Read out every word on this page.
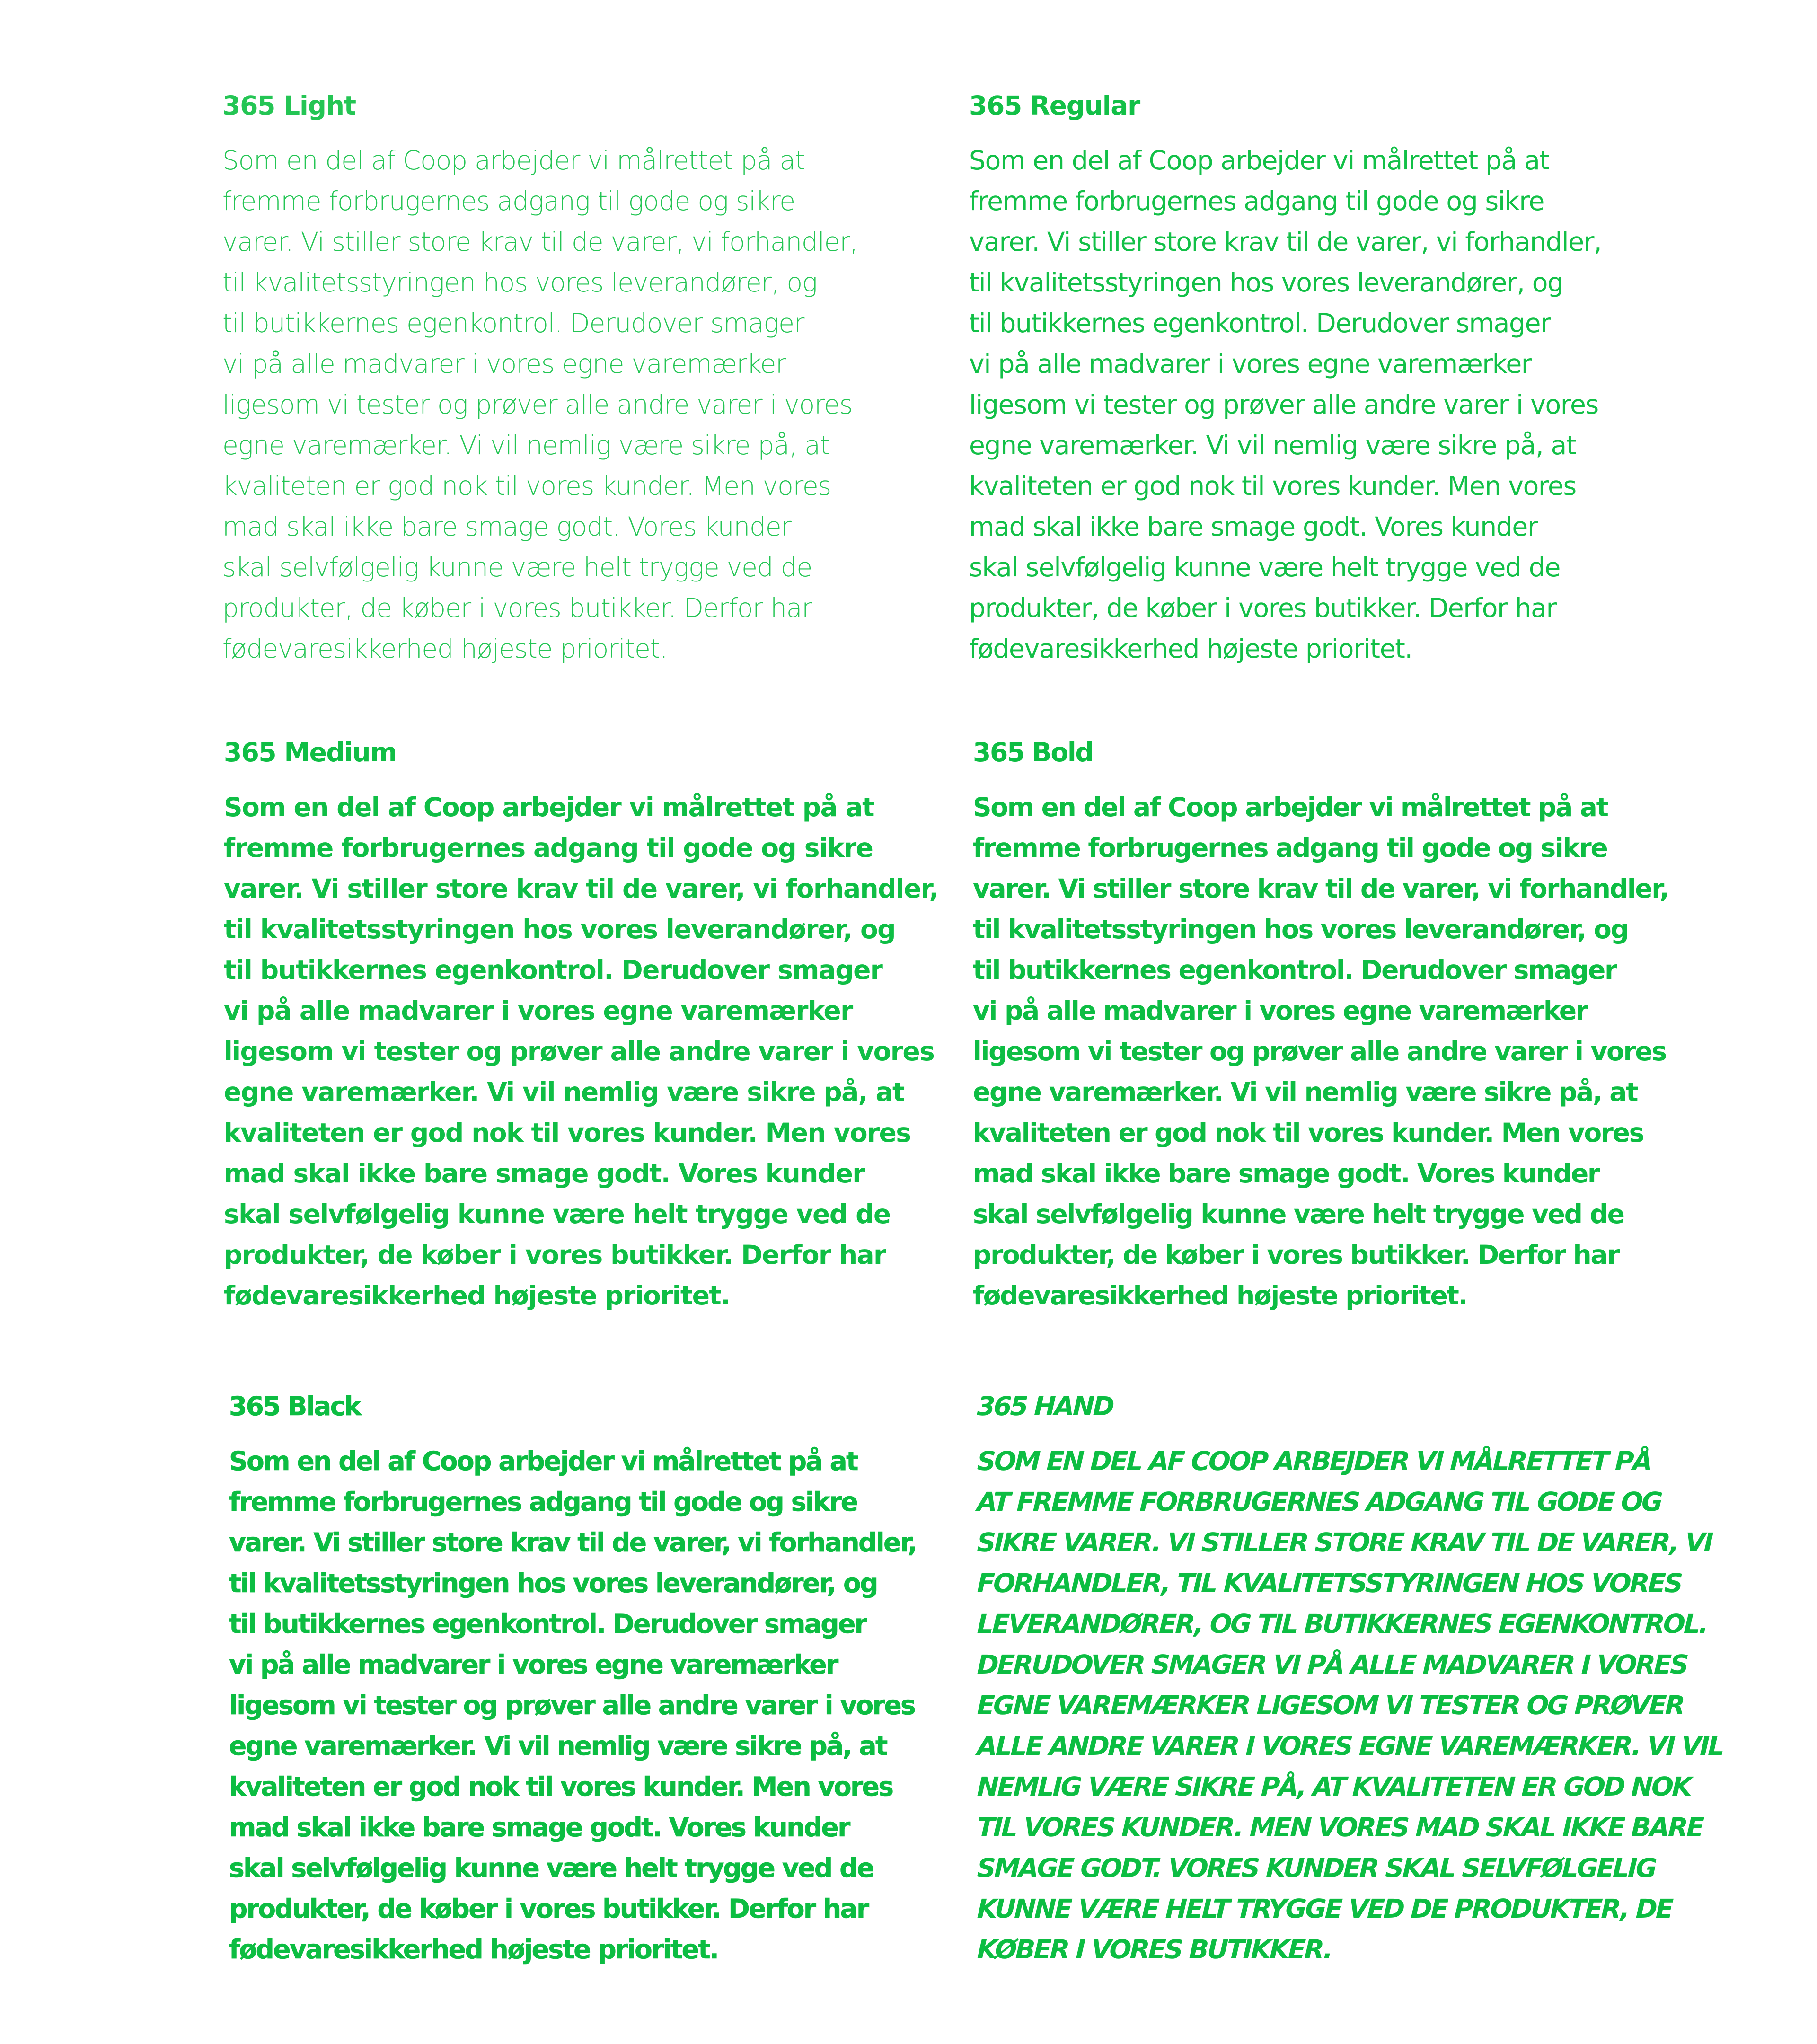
365 Light
Som en del af Coop arbejder vi målrettet på at
fremme forbrugernes adgang til gode og sikre
varer. Vi stiller store krav til de varer, vi forhandler,
til kvalitetsstyringen hos vores leverandører, og
til butikkernes egenkontrol. Derudover smager
vi på alle madvarer i vores egne varemærker
ligesom vi tester og prøver alle andre varer i vores
egne varemærker. Vi vil nemlig være sikre på, at
kvaliteten er god nok til vores kunder. Men vores
mad skal ikke bare smage godt. Vores kunder
skal selvfølgelig kunne være helt trygge ved de
produkter, de køber i vores butikker. Derfor har
fødevaresikkerhed højeste prioritet.
365 Regular
Som en del af Coop arbejder vi målrettet på at
fremme forbrugernes adgang til gode og sikre
varer. Vi stiller store krav til de varer, vi forhandler,
til kvalitetsstyringen hos vores leverandører, og
til butikkernes egenkontrol. Derudover smager
vi på alle madvarer i vores egne varemærker
ligesom vi tester og prøver alle andre varer i vores
egne varemærker. Vi vil nemlig være sikre på, at
kvaliteten er god nok til vores kunder. Men vores
mad skal ikke bare smage godt. Vores kunder
skal selvfølgelig kunne være helt trygge ved de
produkter, de køber i vores butikker. Derfor har
fødevaresikkerhed højeste prioritet.
365 Medium
Som en del af Coop arbejder vi målrettet på at
fremme forbrugernes adgang til gode og sikre
varer. Vi stiller store krav til de varer, vi forhandler,
til kvalitetsstyringen hos vores leverandører, og
til butikkernes egenkontrol. Derudover smager
vi på alle madvarer i vores egne varemærker
ligesom vi tester og prøver alle andre varer i vores
egne varemærker. Vi vil nemlig være sikre på, at
kvaliteten er god nok til vores kunder. Men vores
mad skal ikke bare smage godt. Vores kunder
skal selvfølgelig kunne være helt trygge ved de
produkter, de køber i vores butikker. Derfor har
fødevaresikkerhed højeste prioritet.
365 Bold
Som en del af Coop arbejder vi målrettet på at
fremme forbrugernes adgang til gode og sikre
varer. Vi stiller store krav til de varer, vi forhandler,
til kvalitetsstyringen hos vores leverandører, og
til butikkernes egenkontrol. Derudover smager
vi på alle madvarer i vores egne varemærker
ligesom vi tester og prøver alle andre varer i vores
egne varemærker. Vi vil nemlig være sikre på, at
kvaliteten er god nok til vores kunder. Men vores
mad skal ikke bare smage godt. Vores kunder
skal selvfølgelig kunne være helt trygge ved de
produkter, de køber i vores butikker. Derfor har
fødevaresikkerhed højeste prioritet.
365 Black
Som en del af Coop arbejder vi målrettet på at
fremme forbrugernes adgang til gode og sikre
varer. Vi stiller store krav til de varer, vi forhandler,
til kvalitetsstyringen hos vores leverandører, og
til butikkernes egenkontrol. Derudover smager
vi på alle madvarer i vores egne varemærker
ligesom vi tester og prøver alle andre varer i vores
egne varemærker. Vi vil nemlig være sikre på, at
kvaliteten er god nok til vores kunder. Men vores
mad skal ikke bare smage godt. Vores kunder
skal selvfølgelig kunne være helt trygge ved de
produkter, de køber i vores butikker. Derfor har
fødevaresikkerhed højeste prioritet.
365 HAND
SOM EN DEL AF COOP ARBEJDER VI MÅLRETTET PÅ
AT FREMME FORBRUGERNES ADGANG TIL GODE OG
SIKRE VARER. VI STILLER STORE KRAV TIL DE VARER, VI
FORHANDLER, TIL KVALITETSSTYRINGEN HOS VORES
LEVERANDØRER, OG TIL BUTIKKERNES EGENKONTROL.
DERUDOVER SMAGER VI PÅ ALLE MADVARER I VORES
EGNE VAREMÆRKER LIGESOM VI TESTER OG PRØVER
ALLE ANDRE VARER I VORES EGNE VAREMÆRKER. VI VIL
NEMLIG VÆRE SIKRE PÅ, AT KVALITETEN ER GOD NOK
TIL VORES KUNDER. MEN VORES MAD SKAL IKKE BARE
SMAGE GODT. VORES KUNDER SKAL SELVFØLGELIG
KUNNE VÆRE HELT TRYGGE VED DE PRODUKTER, DE
KØBER I VORES BUTIKKER.
